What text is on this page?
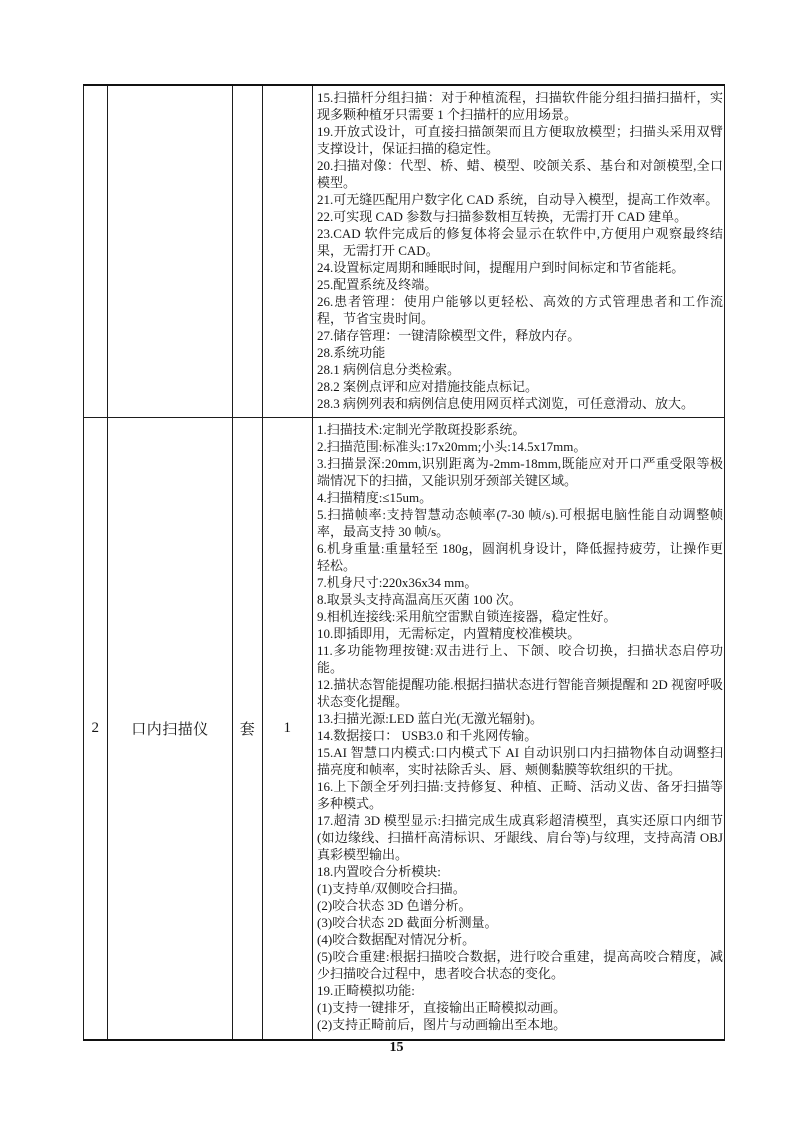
15.扫描杆分组扫描：对于种植流程，扫描软件能分组扫描扫描杆，实现多颗种植牙只需要 1 个扫描杆的应用场景。
19.开放式设计，可直接扫描颌架而且方便取放模型；扫描头采用双臂支撑设计，保证扫描的稳定性。
20.扫描对像：代型、桥、蜡、模型、咬颌关系、基台和对颌模型,全口模型。
21.可无缝匹配用户数字化 CAD 系统，自动导入模型，提高工作效率。
22.可实现 CAD 参数与扫描参数相互转换，无需打开 CAD 建单。
23.CAD 软件完成后的修复体将会显示在软件中,方便用户观察最终结果，无需打开 CAD。
24.设置标定周期和睡眠时间，提醒用户到时间标定和节省能耗。
25.配置系统及终端。
26.患者管理：使用户能够以更轻松、高效的方式管理患者和工作流程，节省宝贵时间。
27.储存管理：一键清除模型文件，释放内存。
28.系统功能
28.1 病例信息分类检索。
28.2 案例点评和应对措施技能点标记。
28.3 病例列表和病例信息使用网页样式浏览，可任意滑动、放大。

2	口内扫描仪	套	1	
1.扫描技术:定制光学散斑投影系统。
2.扫描范围:标准头:17x20mm;小头:14.5x17mm。
3.扫描景深:20mm,识别距离为-2mm-18mm,既能应对开口严重受限等极端情况下的扫描，又能识别牙颈部关键区域。
4.扫描精度:≤15um。
5.扫描帧率:支持智慧动态帧率(7-30 帧/s).可根据电脑性能自动调整帧率，最高支持 30 帧/s。
6.机身重量:重量轻至 180g，圆润机身设计，降低握持疲劳，让操作更轻松。
7.机身尺寸:220x36x34 mm。
8.取景头支持高温高压灭菌 100 次。
9.相机连接线:采用航空雷默自锁连接器，稳定性好。
10.即插即用，无需标定，内置精度校准模块。
11.多功能物理按键:双击进行上、下颌、咬合切换，扫描状态启停功能。
12.描状态智能提醒功能.根据扫描状态进行智能音频提醒和 2D 视窗呼吸状态变化提醒。
13.扫描光源:LED 蓝白光(无激光辐射)。
14.数据接口： USB3.0 和千兆网传输。
15.AI 智慧口内模式:口内模式下 AI 自动识别口内扫描物体自动调整扫描亮度和帧率，实时祛除舌头、唇、颊侧黏膜等软组织的干扰。
16.上下颌全牙列扫描:支持修复、种植、正畸、活动义齿、备牙扫描等多种模式。
17.超清 3D 模型显示:扫描完成生成真彩超清模型，真实还原口内细节(如边缘线、扫描杆高清标识、牙龈线、肩台等)与纹理，支持高清 OBJ 真彩模型输出。
18.内置咬合分析模块:
(1)支持单/双侧咬合扫描。
(2)咬合状态 3D 色谱分析。
(3)咬合状态 2D 截面分析测量。
(4)咬合数据配对情况分析。
(5)咬合重建:根据扫描咬合数据，进行咬合重建，提高高咬合精度，减少扫描咬合过程中，患者咬合状态的变化。
19.正畸模拟功能:
(1)支持一键排牙，直接输出正畸模拟动画。
(2)支持正畸前后，图片与动画输出至本地。
15
